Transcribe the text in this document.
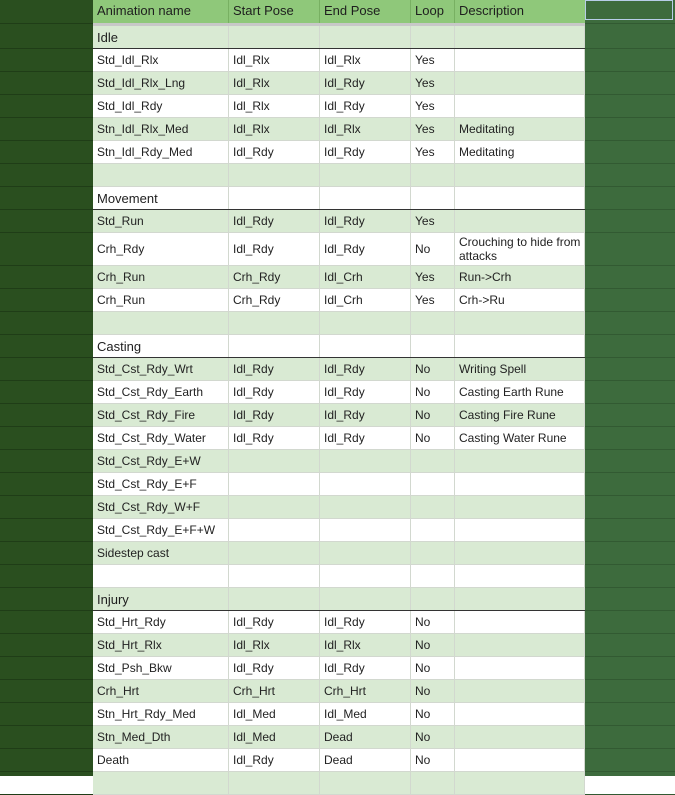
Animation name	Start Pose	End Pose	Loop	Description
Idle
Std_Idl_Rlx	Idl_Rlx	Idl_Rlx	Yes
Std_Idl_Rlx_Lng	Idl_Rlx	Idl_Rdy	Yes
Std_Idl_Rdy	Idl_Rlx	Idl_Rdy	Yes
Stn_Idl_Rlx_Med	Idl_Rlx	Idl_Rlx	Yes	Meditating
Stn_Idl_Rdy_Med	Idl_Rdy	Idl_Rdy	Yes	Meditating
Movement
Std_Run	Idl_Rdy	Idl_Rdy	Yes
Crh_Rdy	Idl_Rdy	Idl_Rdy	No	Crouching to hide from attacks
Crh_Run	Crh_Rdy	Idl_Crh	Yes	Run->Crh
Crh_Run	Crh_Rdy	Idl_Crh	Yes	Crh->Ru
Casting
Std_Cst_Rdy_Wrt	Idl_Rdy	Idl_Rdy	No	Writing Spell
Std_Cst_Rdy_Earth	Idl_Rdy	Idl_Rdy	No	Casting Earth Rune
Std_Cst_Rdy_Fire	Idl_Rdy	Idl_Rdy	No	Casting Fire Rune
Std_Cst_Rdy_Water	Idl_Rdy	Idl_Rdy	No	Casting Water Rune
Std_Cst_Rdy_E+W
Std_Cst_Rdy_E+F
Std_Cst_Rdy_W+F
Std_Cst_Rdy_E+F+W
Sidestep cast
Injury
Std_Hrt_Rdy	Idl_Rdy	Idl_Rdy	No
Std_Hrt_Rlx	Idl_Rlx	Idl_Rlx	No
Std_Psh_Bkw	Idl_Rdy	Idl_Rdy	No
Crh_Hrt	Crh_Hrt	Crh_Hrt	No
Stn_Hrt_Rdy_Med	Idl_Med	Idl_Med	No
Stn_Med_Dth	Idl_Med	Dead	No
Death	Idl_Rdy	Dead	No
